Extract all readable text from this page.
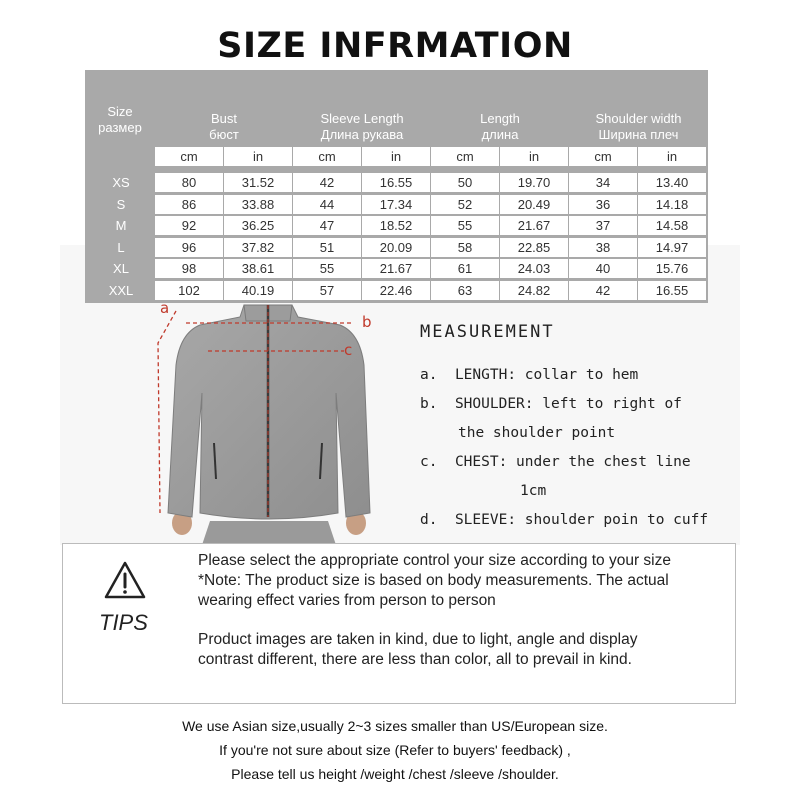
SIZE INFRMATION
Size
размер
Bust
бюст
Sleeve Length
Длина рукава
Length
длина
Shoulder width
Ширина плеч
cm	in	cm	in	cm	in	cm	in
XS	80	31.52	42	16.55	50	19.70	34	13.40
S	86	33.88	44	17.34	52	20.49	36	14.18
M	92	36.25	47	18.52	55	21.67	37	14.58
L	96	37.82	51	20.09	58	22.85	38	14.97
XL	98	38.61	55	21.67	61	24.03	40	15.76
XXL	102	40.19	57	22.46	63	24.82	42	16.55
a
b
c
MEASUREMENT
a. LENGTH: collar to hem
b. SHOULDER: left to right of
the shoulder point
c. CHEST: under the chest line
1cm
d. SLEEVE: shoulder poin to cuff
TIPS
Please select the appropriate control your size according to your size
*Note: The product size is based on body measurements. The actual
wearing effect varies from person to person
Product images are taken in kind, due to light, angle and display
contrast different, there are less than color, all to prevail in kind.
We use Asian size,usually 2~3 sizes smaller than US/European size.
If you're not sure about size (Refer to buyers' feedback) ,
Please tell us height /weight /chest /sleeve /shoulder.
